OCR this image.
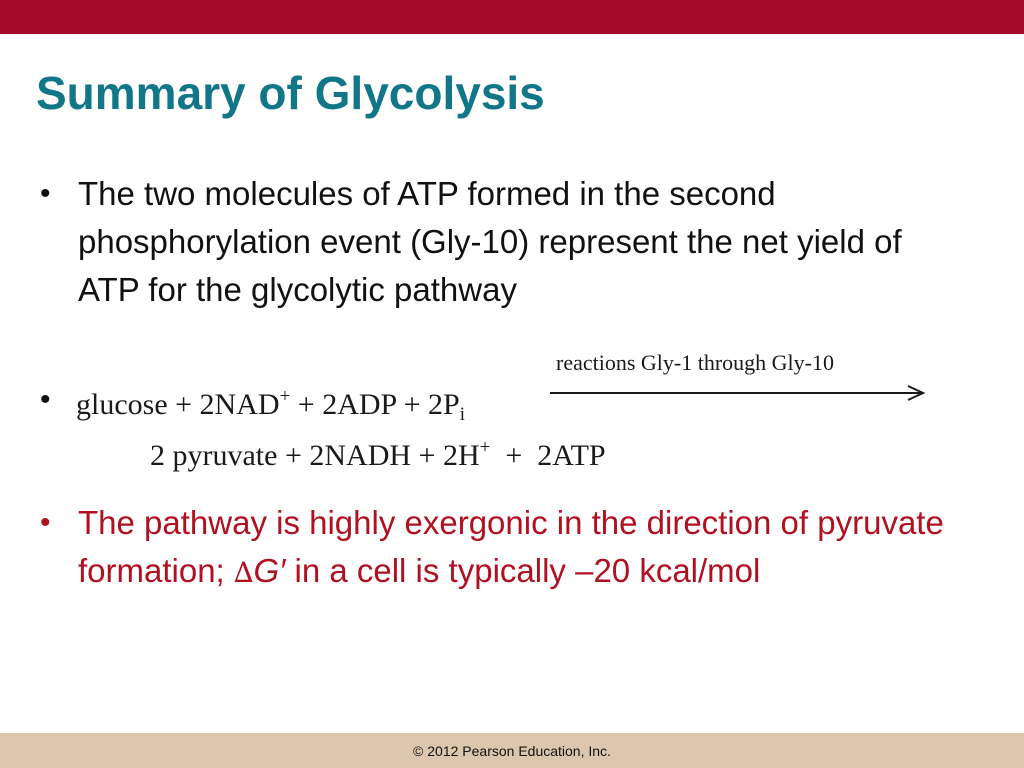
Summary of Glycolysis
• The two molecules of ATP formed in the second phosphorylation event (Gly-10) represent the net yield of ATP for the glycolytic pathway
•
• The pathway is highly exergonic in the direction of pyruvate formation; ∆G′ in a cell is typically –20 kcal/mol
reactions Gly-1 through Gly-10
$glucose + 2NAD^+ + 2ADP + 2P_i$
2 pyruvate + 2NADH + 2H+  +  2ATP
© 2012 Pearson Education, Inc.
